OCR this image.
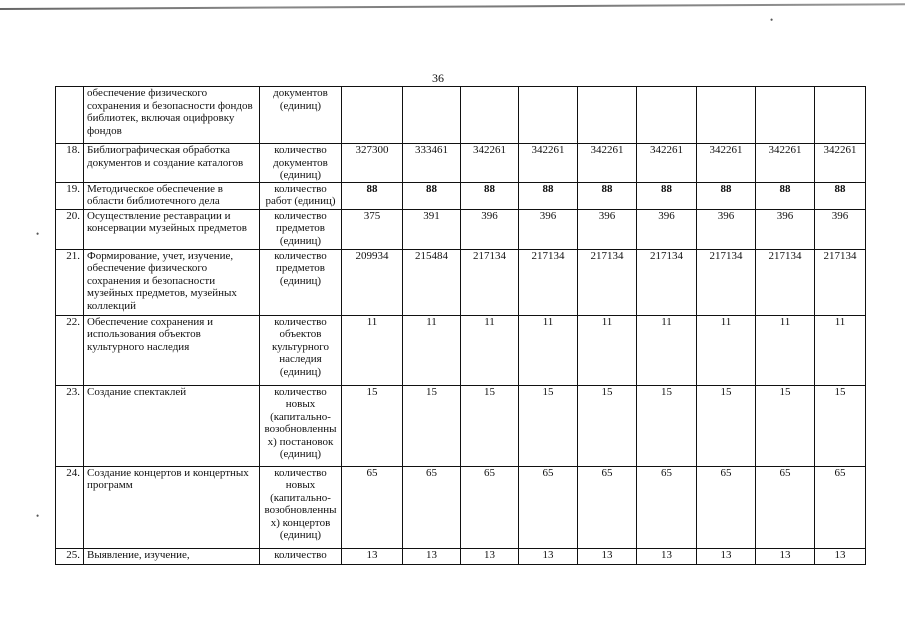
•
•
•
36
	обеспечение физического сохранения и безопасности фондов библиотек, включая оцифровку фондов	документов (единиц)									
18.	Библиографическая обработка документов и создание каталогов	количество документов (единиц)	327300	333461	342261	342261	342261	342261	342261	342261	342261
19.	Методическое обеспечение в области библиотечного дела	количество работ (единиц)	88	88	88	88	88	88	88	88	88
20.	Осуществление реставрации и консервации музейных предметов	количество предметов (единиц)	375	391	396	396	396	396	396	396	396
21.	Формирование, учет, изучение, обеспечение физического сохранения и безопасности музейных предметов, музейных коллекций	количество предметов (единиц)	209934	215484	217134	217134	217134	217134	217134	217134	217134
22.	Обеспечение сохранения и использования объектов культурного наследия	количество объектов культурного наследия (единиц)	11	11	11	11	11	11	11	11	11
23.	Создание спектаклей	количество новых (капитально-возобновленны х) постановок (единиц)	15	15	15	15	15	15	15	15	15
24.	Создание концертов и концертных программ	количество новых (капитально-возобновленны х) концертов (единиц)	65	65	65	65	65	65	65	65	65
25.	Выявление, изучение,	количество	13	13	13	13	13	13	13	13	13
